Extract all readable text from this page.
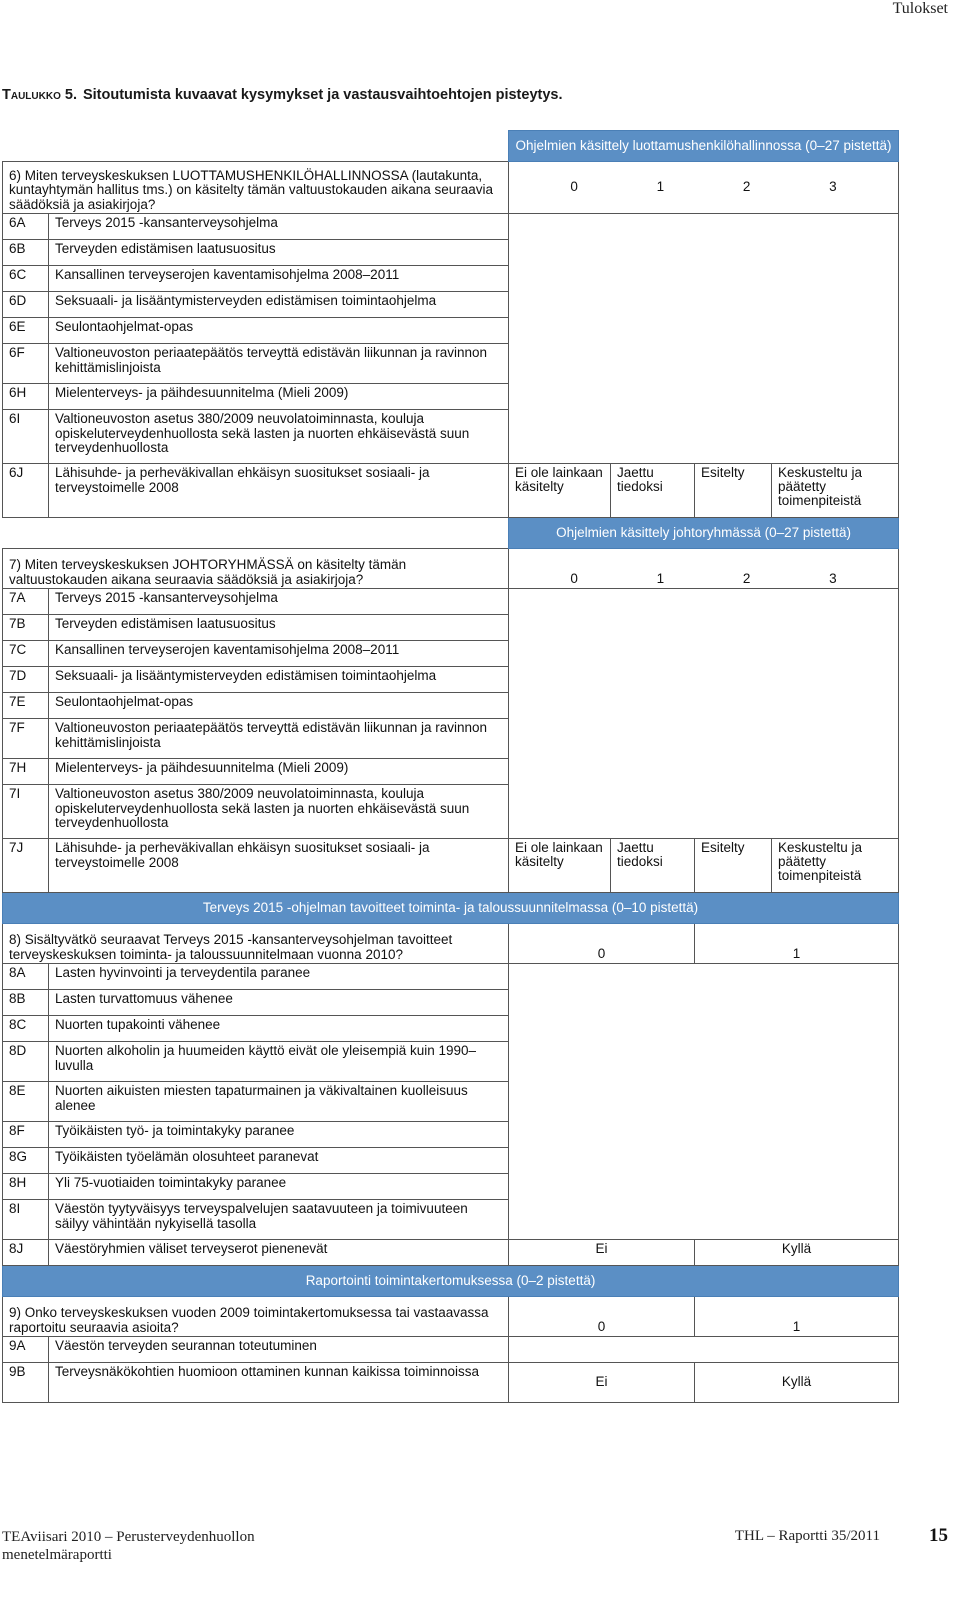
Tulokset
Taulukko 5. Sitoutumista kuvaavat kysymykset ja vastausvaihtoehtojen pisteytys.
		Ohjelmien käsittely luottamushenkilöhallinnossa (0–27 pistettä)			
6) Miten terveyskeskuksen LUOTTAMUSHENKILÖHALLINNOSSA (lautakunta, kuntayhtymän hallitus tms.) on käsitelty tämän valtuustokauden aikana seuraavia säädöksiä ja asiakirjoja?		0 1 2 3			

6A	Terveys 2015 -kansanterveysohjelma				
6B	Terveyden edistämisen laatusuositus				
6C	Kansallinen terveyserojen kaventamisohjelma 2008–2011				
6D	Seksuaali- ja lisääntymisterveyden edistämisen toimintaohjelma				
6E	Seulontaohjelmat-opas				
6F	Valtioneuvoston periaatepäätös terveyttä edistävän liikunnan ja ravinnon kehittämislinjoista				
6H	Mielenterveys- ja päihdesuunnitelma (Mieli 2009)				
6I	Valtioneuvoston asetus 380/2009 neuvolatoiminnasta, kouluja opiskeluterveydenhuollosta sekä lasten ja nuorten ehkäisevästä suun terveydenhuollosta				
6J	Lähisuhde- ja perheväkivallan ehkäisyn suositukset sosiaali- ja terveystoimelle 2008	Ei ole lainkaan käsitelty	Jaettu tiedoksi	Esitelty	Keskusteltu ja päätetty toimenpiteistä
		Ohjelmien käsittely johtoryhmässä (0–27 pistettä)			
7) Miten terveyskeskuksen JOHTORYHMÄSSÄ on käsitelty tämän valtuustokauden aikana seuraavia säädöksiä ja asiakirjoja?		0 1 2 3			

7A	Terveys 2015 -kansanterveysohjelma				
7B	Terveyden edistämisen laatusuositus				
7C	Kansallinen terveyserojen kaventamisohjelma 2008–2011				
7D	Seksuaali- ja lisääntymisterveyden edistämisen toimintaohjelma				
7E	Seulontaohjelmat-opas				
7F	Valtioneuvoston periaatepäätös terveyttä edistävän liikunnan ja ravinnon kehittämislinjoista				
7H	Mielenterveys- ja päihdesuunnitelma (Mieli 2009)				
7I	Valtioneuvoston asetus 380/2009 neuvolatoiminnasta, kouluja opiskeluterveydenhuollosta sekä lasten ja nuorten ehkäisevästä suun terveydenhuollosta				
7J	Lähisuhde- ja perheväkivallan ehkäisyn suositukset sosiaali- ja terveystoimelle 2008	Ei ole lainkaan käsitelty	Jaettu tiedoksi	Esitelty	Keskusteltu ja päätetty toimenpiteistä
Terveys 2015 -ohjelman tavoitteet toiminta- ja taloussuunnitelmassa (0–10 pistettä)					
8) Sisältyvätkö seuraavat Terveys 2015 -kansanterveysohjelman tavoitteet terveyskeskuksen toiminta- ja taloussuunnitelmaan vuonna 2010?		0		1	
8A	Lasten hyvinvointi ja terveydentila paranee				
8B	Lasten turvattomuus vähenee				
8C	Nuorten tupakointi vähenee				
8D	Nuorten alkoholin ja huumeiden käyttö eivät ole yleisempiä kuin 1990–luvulla				
8E	Nuorten aikuisten miesten tapaturmainen ja väkivaltainen kuolleisuus alenee				
8F	Työikäisten työ- ja toimintakyky paranee				
8G	Työikäisten työelämän olosuhteet paranevat				
8H	Yli 75-vuotiaiden toimintakyky paranee				
8I	Väestön tyytyväisyys terveyspalvelujen saatavuuteen ja toimivuuteen säilyy vähintään nykyisellä tasolla				
8J	Väestöryhmien väliset terveyserot pienenevät	Ei		Kyllä	
Raportointi toimintakertomuksessa (0–2 pistettä)					
9) Onko terveyskeskuksen vuoden 2009 toimintakertomuksessa tai vastaavassa raportoitu seuraavia asioita?		0		1	
9A	Väestön terveyden seurannan toteutuminen				
9B	Terveysnäkökohtien huomioon ottaminen kunnan kaikissa toiminnoissa	Ei		Kyllä	
TEAviisari 2010 – Perusterveydenhuollon
menetelmäraportti
THL – Raportti 35/2011	15
